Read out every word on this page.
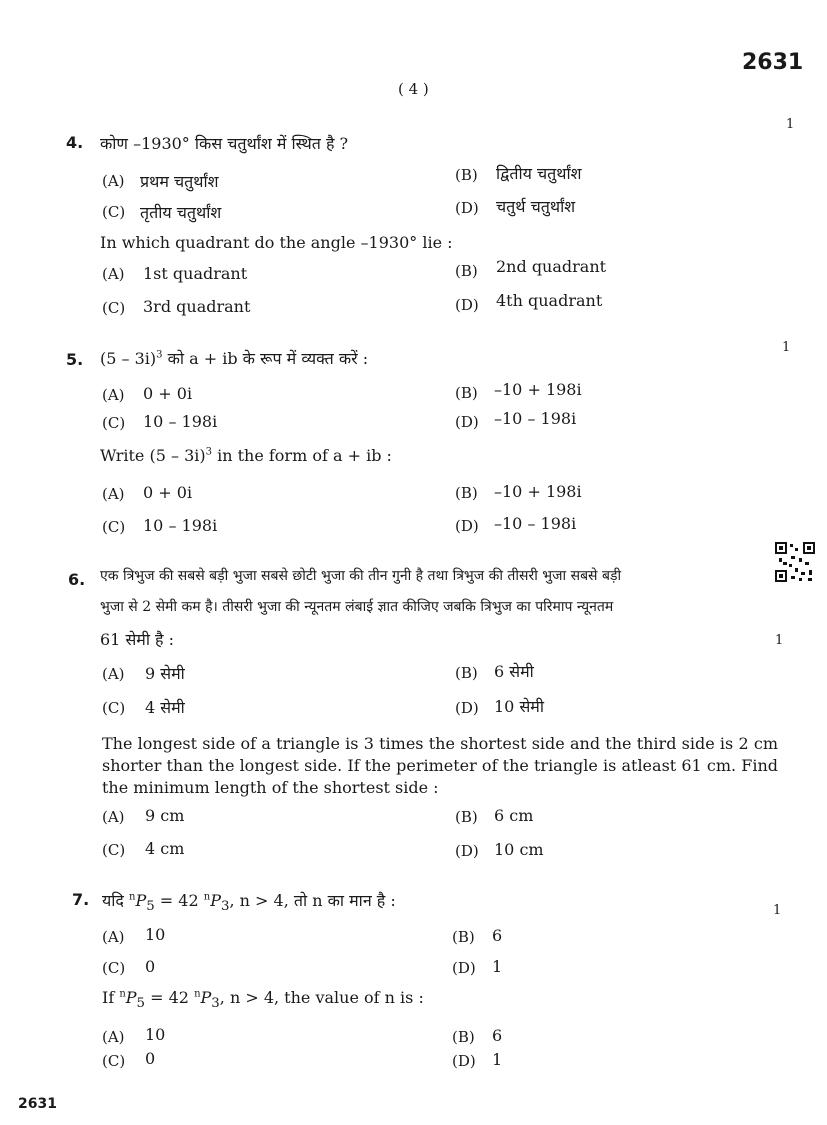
2631
( 4 )
1
4. कोण –1930° किस चतुर्थांश में स्थित है ?
(A) प्रथम चतुर्थांश	(B) द्वितीय चतुर्थांश
(C) तृतीय चतुर्थांश	(D) चतुर्थ चतुर्थांश
In which quadrant do the angle –1930° lie :
(A) 1st quadrant	(B) 2nd quadrant
(C) 3rd quadrant	(D) 4th quadrant
1
5. (5 – 3i)$^3$ को a + ib के रूप में व्यक्त करें :
(A) 0 + 0i	(B) –10 + 198i
(C) 10 – 198i	(D) –10 – 198i
Write (5 – 3i)$^3$ in the form of a + ib :
(A) 0 + 0i	(B) –10 + 198i
(C) 10 – 198i	(D) –10 – 198i
6. एक त्रिभुज की सबसे बड़ी भुजा सबसे छोटी भुजा की तीन गुनी है तथा त्रिभुज की तीसरी भुजा सबसे बड़ी
भुजा से 2 सेमी कम है। तीसरी भुजा की न्यूनतम लंबाई ज्ञात कीजिए जबकि त्रिभुज का परिमाप न्यूनतम
61 सेमी है :	1
(A) 9 सेमी	(B) 6 सेमी
(C) 4 सेमी	(D) 10 सेमी
The longest side of a triangle is 3 times the shortest side and the third side is 2 cm shorter than the longest side. If the perimeter of the triangle is atleast 61 cm. Find the minimum length of the shortest side :
(A) 9 cm	(B) 6 cm
(C) 4 cm	(D) 10 cm
7. यदि $^nP_5 = 42$ $^nP_3$, n > 4, तो n का मान है :
1
(A) 10	(B) 6
(C) 0	(D) 1
If $^nP_5 = 42$ $^nP_3$, n > 4, the value of n is :
(A) 10	(B) 6
(C) 0	(D) 1
2631
